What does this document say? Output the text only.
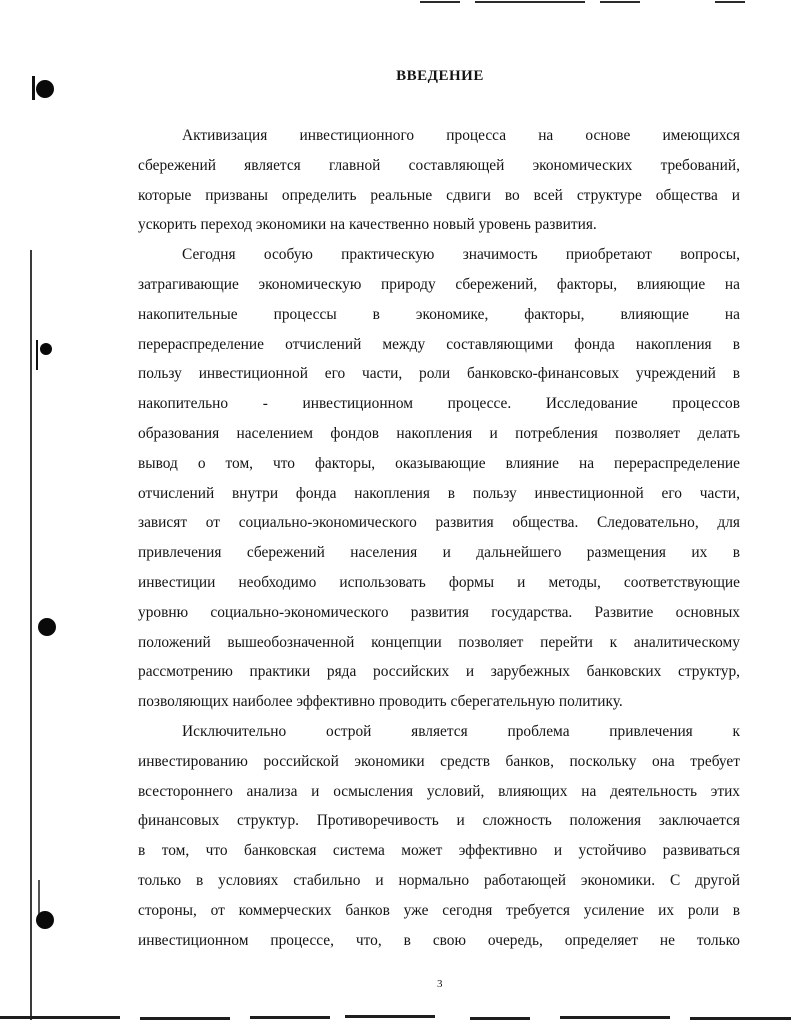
ВВЕДЕНИЕ
Активизация инвестиционного процесса на основе имеющихся
сбережений является главной составляющей экономических требований,
которые призваны определить реальные сдвиги во всей структуре общества и
ускорить переход экономики на качественно новый уровень развития.
Сегодня особую практическую значимость приобретают вопросы,
затрагивающие экономическую природу сбережений, факторы, влияющие на
накопительные процессы в экономике, факторы, влияющие на
перераспределение отчислений между составляющими фонда накопления в
пользу инвестиционной его части, роли банковско-финансовых учреждений в
накопительно - инвестиционном процессе. Исследование процессов
образования населением фондов накопления и потребления позволяет делать
вывод о том, что факторы, оказывающие влияние на перераспределение
отчислений внутри фонда накопления в пользу инвестиционной его части,
зависят от социально-экономического развития общества. Следовательно, для
привлечения сбережений населения и дальнейшего размещения их в
инвестиции необходимо использовать формы и методы, соответствующие
уровню социально-экономического развития государства. Развитие основных
положений вышеобозначенной концепции позволяет перейти к аналитическому
рассмотрению практики ряда российских и зарубежных банковских структур,
позволяющих наиболее эффективно проводить сберегательную политику.
Исключительно острой является проблема привлечения к
инвестированию российской экономики средств банков, поскольку она требует
всестороннего анализа и осмысления условий, влияющих на деятельность этих
финансовых структур. Противоречивость и сложность положения заключается
в том, что банковская система может эффективно и устойчиво развиваться
только в условиях стабильно и нормально работающей экономики. С другой
стороны, от коммерческих банков уже сегодня требуется усиление их роли в
инвестиционном процессе, что, в свою очередь, определяет не только
3
